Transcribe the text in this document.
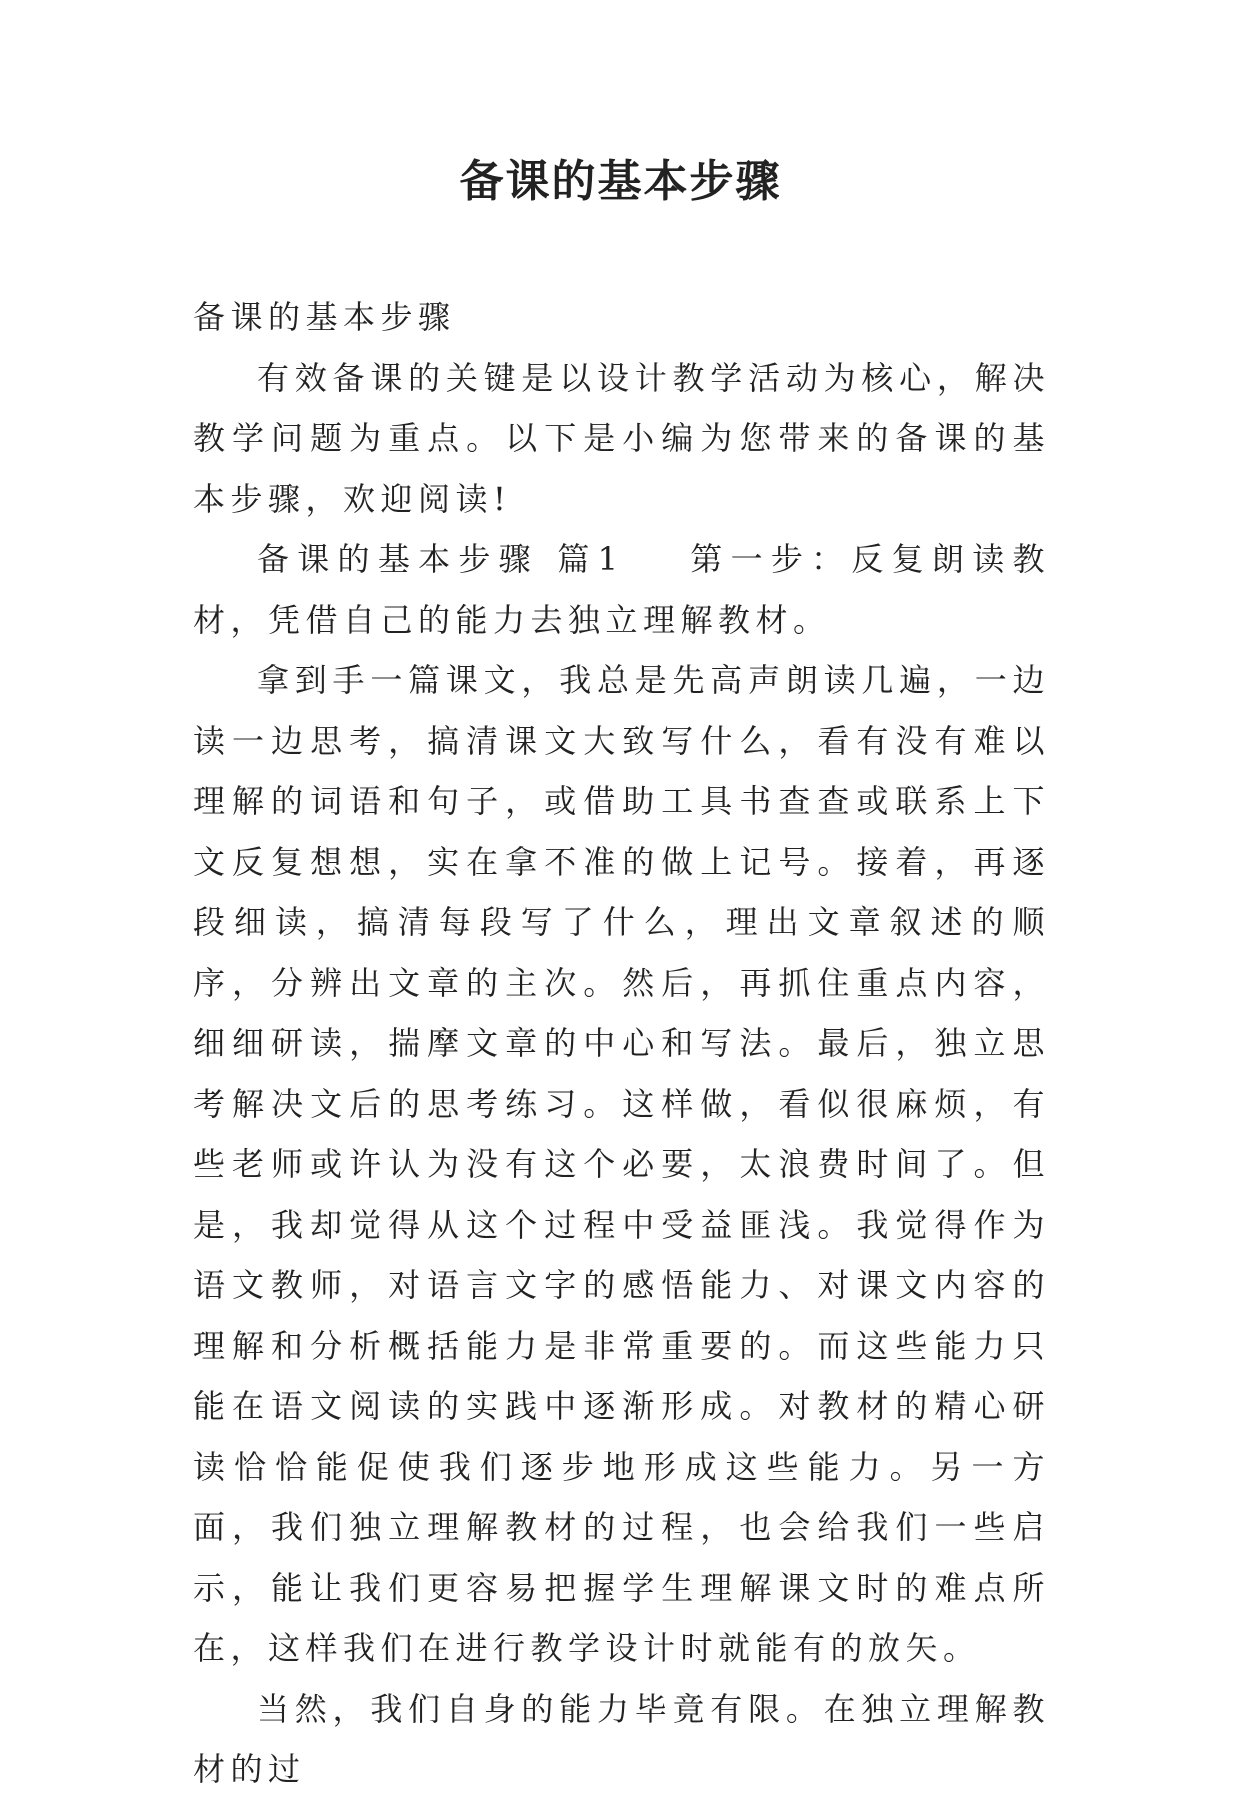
备课的基本步骤

备课的基本步骤

有效备课的关键是以设计教学活动为核心，解决教学问题为重点。以下是小编为您带来的备课的基本步骤，欢迎阅读!

备课的基本步骤 篇1 第一步：反复朗读教材，凭借自己的能力去独立理解教材。

拿到手一篇课文，我总是先高声朗读几遍，一边读一边思考，搞清课文大致写什么，看有没有难以理解的词语和句子，或借助工具书查查或联系上下文反复想想，实在拿不准的做上记号。接着，再逐段细读，搞清每段写了什么，理出文章叙述的顺序，分辨出文章的主次。然后，再抓住重点内容，细细研读，揣摩文章的中心和写法。最后，独立思考解决文后的思考练习。这样做，看似很麻烦，有些老师或许认为没有这个必要，太浪费时间了。但是，我却觉得从这个过程中受益匪浅。我觉得作为语文教师，对语言文字的感悟能力、对课文内容的理解和分析概括能力是非常重要的。而这些能力只能在语文阅读的实践中逐渐形成。对教材的精心研读恰恰能促使我们逐步地形成这些能力。另一方面，我们独立理解教材的过程，也会给我们一些启示，能让我们更容易把握学生理解课文时的难点所在，这样我们在进行教学设计时就能有的放矢。

当然，我们自身的能力毕竟有限。在独立理解教材的过
